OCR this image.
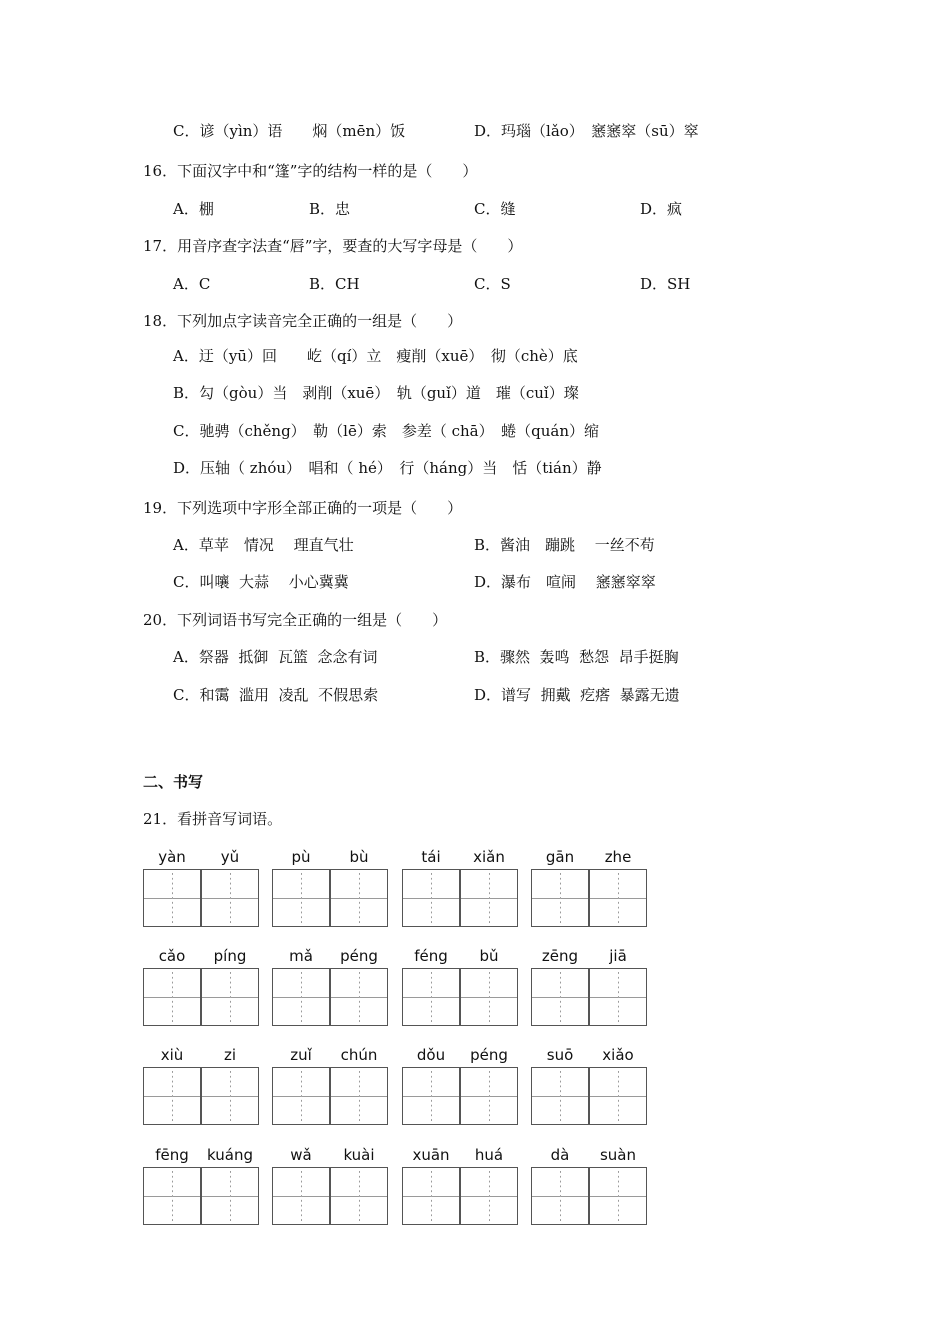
C．谚（yìn）语　　焖（mēn）饭	D．玛瑙（lǎo）　窸窸窣（sū）窣
16．下面汉字中和“篷”字的结构一样的是（　　）
A．棚	B．忠	C．缝	D．疯
17．用音序查字法查“唇”字，要查的大写字母是（　　）
A．C	B．CH	C．S	D．SH
18．下列加点字读音完全正确的一组是（　　）
A．迂（yū）回　　屹（qí）立　瘦削（xuē）　彻（chè）底
B．勾（gòu）当　剥削（xuē）　轨（guǐ）道　璀（cuǐ）璨
C．驰骋（chěng）　勒（lē）索　参差（ chā）　蜷（quán）缩
D．压轴（ zhóu）　唱和（ hé）　行（háng）当　恬（tián）静
19．下列选项中字形全部正确的一项是（　　）
A．草苹　情况　 理直气壮	B．酱油　蹦跳　 一丝不苟
C．叫嚷  大蒜　 小心冀冀	D．瀑布　喧闹　 窸窸窣窣
20．下列词语书写完全正确的一组是（　　）
A．祭器  抵御  瓦篮  念念有词	B．骤然  轰鸣  愁怨  昂手挺胸
C．和霭  滥用  凌乱  不假思索	D．谱写  拥戴  疙瘩  暴露无遗
二、书写
21．看拼音写词语。
yàn	yǔ	pù	bù	tái	xiǎn	gān	zhe
cǎo	píng	mǎ	péng	féng	bǔ	zēng	jiā
xiù	zi	zuǐ	chún	dǒu	péng	suō	xiǎo
fēng	kuáng	wǎ	kuài	xuān	huá	dà	suàn
